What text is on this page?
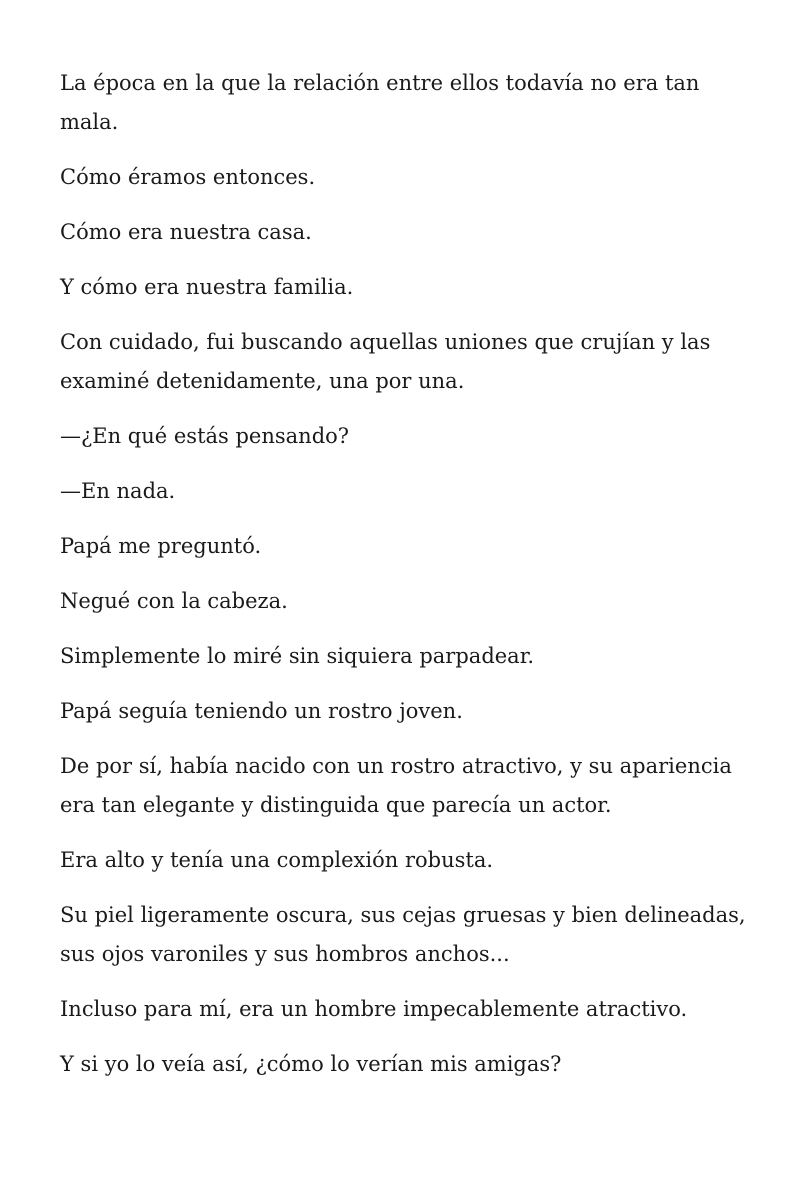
La época en la que la relación entre ellos todavía no era tan mala.

Cómo éramos entonces.

Cómo era nuestra casa.

Y cómo era nuestra familia.

Con cuidado, fui buscando aquellas uniones que crujían y las examiné detenidamente, una por una.

—¿En qué estás pensando?

—En nada.

Papá me preguntó.

Negué con la cabeza.

Simplemente lo miré sin siquiera parpadear.

Papá seguía teniendo un rostro joven.

De por sí, había nacido con un rostro atractivo, y su apariencia era tan elegante y distinguida que parecía un actor.

Era alto y tenía una complexión robusta.

Su piel ligeramente oscura, sus cejas gruesas y bien delineadas, sus ojos varoniles y sus hombros anchos...

Incluso para mí, era un hombre impecablemente atractivo.

Y si yo lo veía así, ¿cómo lo verían mis amigas?
